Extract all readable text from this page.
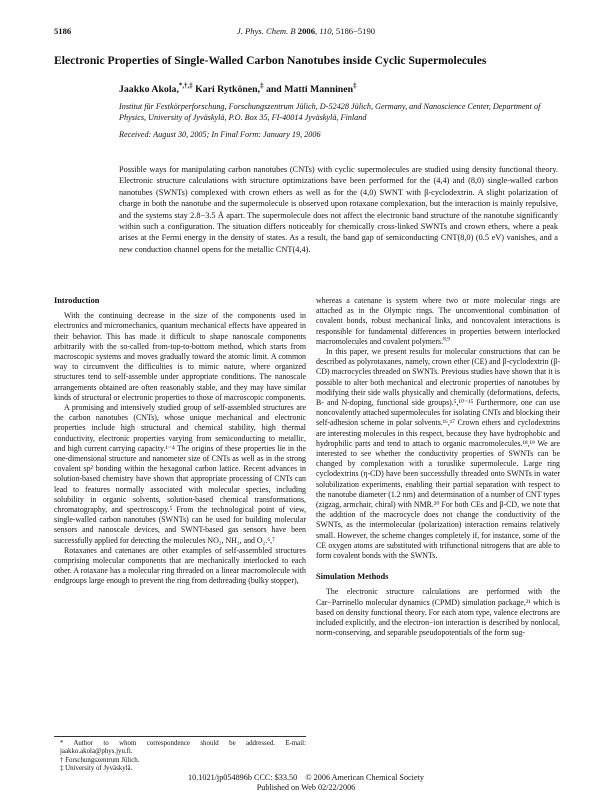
5186	J. Phys. Chem. B 2006, 110, 5186−5190
Electronic Properties of Single-Walled Carbon Nanotubes inside Cyclic Supermolecules
Jaakko Akola,*,†,‡ Kari Rytkönen,‡ and Matti Manninen‡
Institut für Festkörperforschung, Forschungszentrum Jülich, D-52428 Jülich, Germany, and Nanoscience Center, Department of Physics, University of Jyväskylä, P.O. Box 35, FI-40014 Jyväskylä, Finland
Received: August 30, 2005; In Final Form: January 19, 2006
Possible ways for manipulating carbon nanotubes (CNTs) with cyclic supermolecules are studied using density functional theory. Electronic structure calculations with structure optimizations have been performed for the (4,4) and (8,0) single-walled carbon nanotubes (SWNTs) complexed with crown ethers as well as for the (4,0) SWNT with β-cyclodextrin. A slight polarization of charge in both the nanotube and the supermolecule is observed upon rotaxane complexation, but the interaction is mainly repulsive, and the systems stay 2.8−3.5 Å apart. The supermolecule does not affect the electronic band structure of the nanotube significantly within such a configuration. The situation differs noticeably for chemically cross-linked SWNTs and crown ethers, where a peak arises at the Fermi energy in the density of states. As a result, the band gap of semiconducting CNT(8,0) (0.5 eV) vanishes, and a new conduction channel opens for the metallic CNT(4,4).
Introduction

With the continuing decrease in the size of the components used in electronics and micromechanics, quantum mechanical effects have appeared in their behavior. This has made it difficult to shape nanoscale components arbitrarily with the so-called from-top-to-bottom method, which starts from macroscopic systems and moves gradually toward the atomic limit. A common way to circumvent the difficulties is to mimic nature, where organized structures tend to self-assemble under appropriate conditions. The nanoscale arrangements obtained are often reasonably stable, and they may have similar kinds of structural or electronic properties to those of macroscopic components.

A promising and intensively studied group of self-assembled structures are the carbon nanotubes (CNTs), whose unique mechanical and electronic properties include high structural and chemical stability, high thermal conductivity, electronic properties varying from semiconducting to metallic, and high current carrying capacity.¹⁻⁴ The origins of these properties lie in the one-dimensional structure and nanometer size of CNTs as well as in the strong covalent sp² bonding within the hexagonal carbon lattice. Recent advances in solution-based chemistry have shown that appropriate processing of CNTs can lead to features normally associated with molecular species, including solubility in organic solvents, solution-based chemical transformations, chromatography, and spectroscopy.⁵ From the technological point of view, single-walled carbon nanotubes (SWNTs) can be used for building molecular sensors and nanoscale devices, and SWNT-based gas sensors have been successfully applied for detecting the molecules NO₂, NH₃, and O₂.⁶,⁷

Rotaxanes and catenanes are other examples of self-assembled structures comprising molecular components that are mechanically interlocked to each other. A rotaxane has a molecular ring threaded on a linear macromolecule with endgroups large enough to prevent the ring from dethreading (bulky stopper),

whereas a catenane is system where two or more molecular rings are attached as in the Olympic rings. The unconventional combination of covalent bonds, robust mechanical links, and noncovalent interactions is responsible for fundamental differences in properties between interlocked macromolecules and covalent polymers.$^{8,9}$

In this paper, we present results for molecular constructions that can be described as polyrotaxanes, namely, crown ether (CE) and β-cyclodextrin (β-CD) macrocycles threaded on SWNTs. Previous studies have shown that it is possible to alter both mechanical and electronic properties of nanotubes by modifying their side walls physically and chemically (deformations, defects, B- and N-doping, functional side groups).⁵,¹⁰⁻¹⁵ Furthermore, one can use noncovalently attached supermolecules for isolating CNTs and blocking their self-adhesion scheme in polar solvents.¹⁶,¹⁷ Crown ethers and cyclodextrins are interesting molecules in this respect, because they have hydrophobic and hydrophilic parts and tend to attach to organic macromolecules.¹⁸,¹⁹ We are interested to see whether the conductivity properties of SWNTs can be changed by complexation with a toruslike supermolecule. Large ring cyclodextrins (η-CD) have been successfully threaded onto SWNTs in water solubilization experiments, enabling their partial separation with respect to the nanotube diameter (1.2 nm) and determination of a number of CNT types (zigzag, armchair, chiral) with NMR.²⁰ For both CEs and β-CD, we note that the addition of the macrocycle does not change the conductivity of the SWNTs, as the intermolecular (polarization) interaction remains relatively small. However, the scheme changes completely if, for instance, some of the CE oxygen atoms are substituted with trifunctional nitrogens that are able to form covalent bonds with the SWNTs.

Simulation Methods

The electronic structure calculations are performed with the Car−Parrinello molecular dynamics (CPMD) simulation package,²¹ which is based on density functional theory. For each atom type, valence electrons are included explicitly, and the electron−ion interaction is described by nonlocal, norm-conserving, and separable pseudopotentials of the form sug-

* Author to whom correspondence should be addressed. E-mail: jaakko.akola@phys.jyu.fi.
† Forschungszentrum Jülich.
‡ University of Jyväskylä.
10.1021/jp054896b CCC: $33.50    © 2006 American Chemical Society
Published on Web 02/22/2006
